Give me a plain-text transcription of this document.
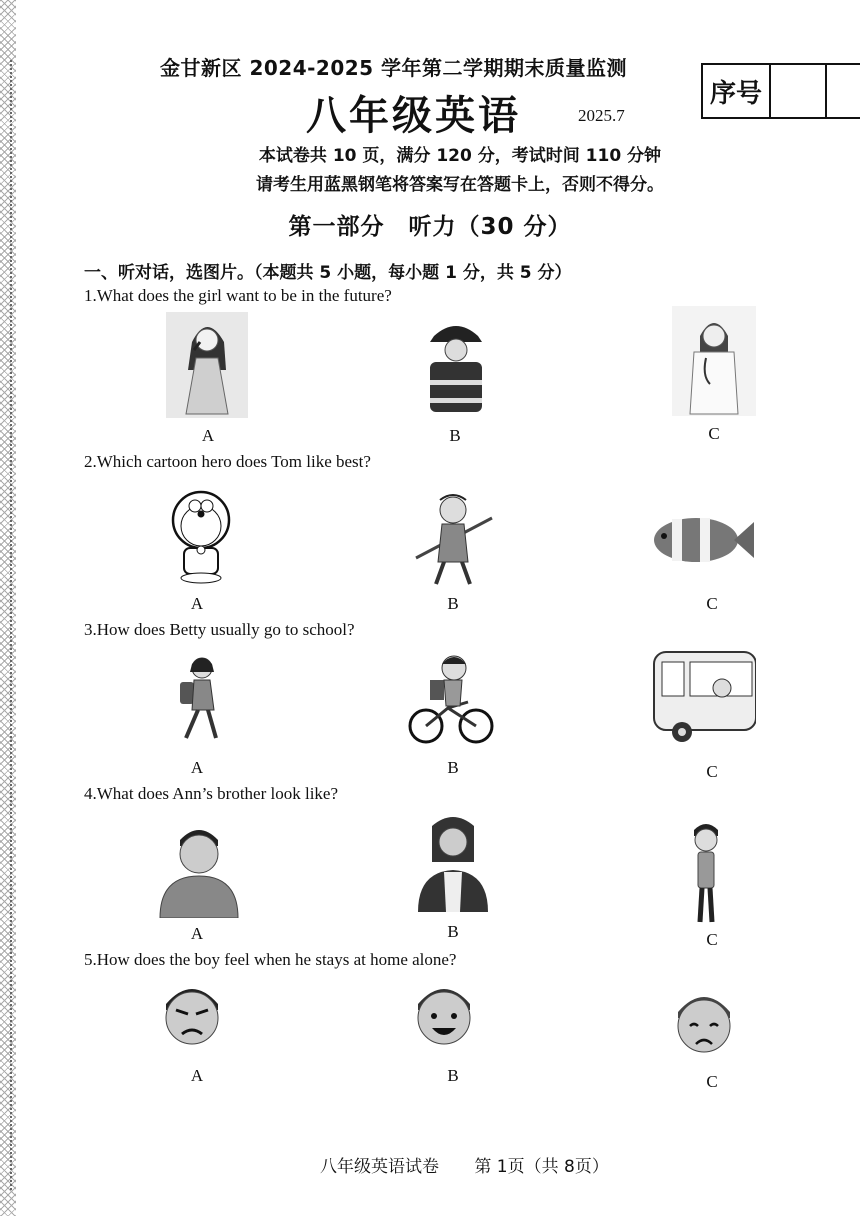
金甘新区 2024-2025 学年第二学期期末质量监测
八年级英语	2025.7
序号
本试卷共 10 页，满分 120 分，考试时间 110 分钟
请考生用蓝黑钢笔将答案写在答题卡上，否则不得分。
第一部分　听力（30 分）
一、听对话，选图片。（本题共 5 小题，每小题 1 分，共 5 分）
1.What does the girl want to be in the future?
A	B	C
2.Which cartoon hero does Tom like best?
A	B	C
3.How does Betty usually go to school?
A	B	C
4.What does Ann’s brother look like?
A	B	C
5.How does the boy feel when he stays at home alone?
A	B	C
八年级英语试卷 第 1页（共 8页）
